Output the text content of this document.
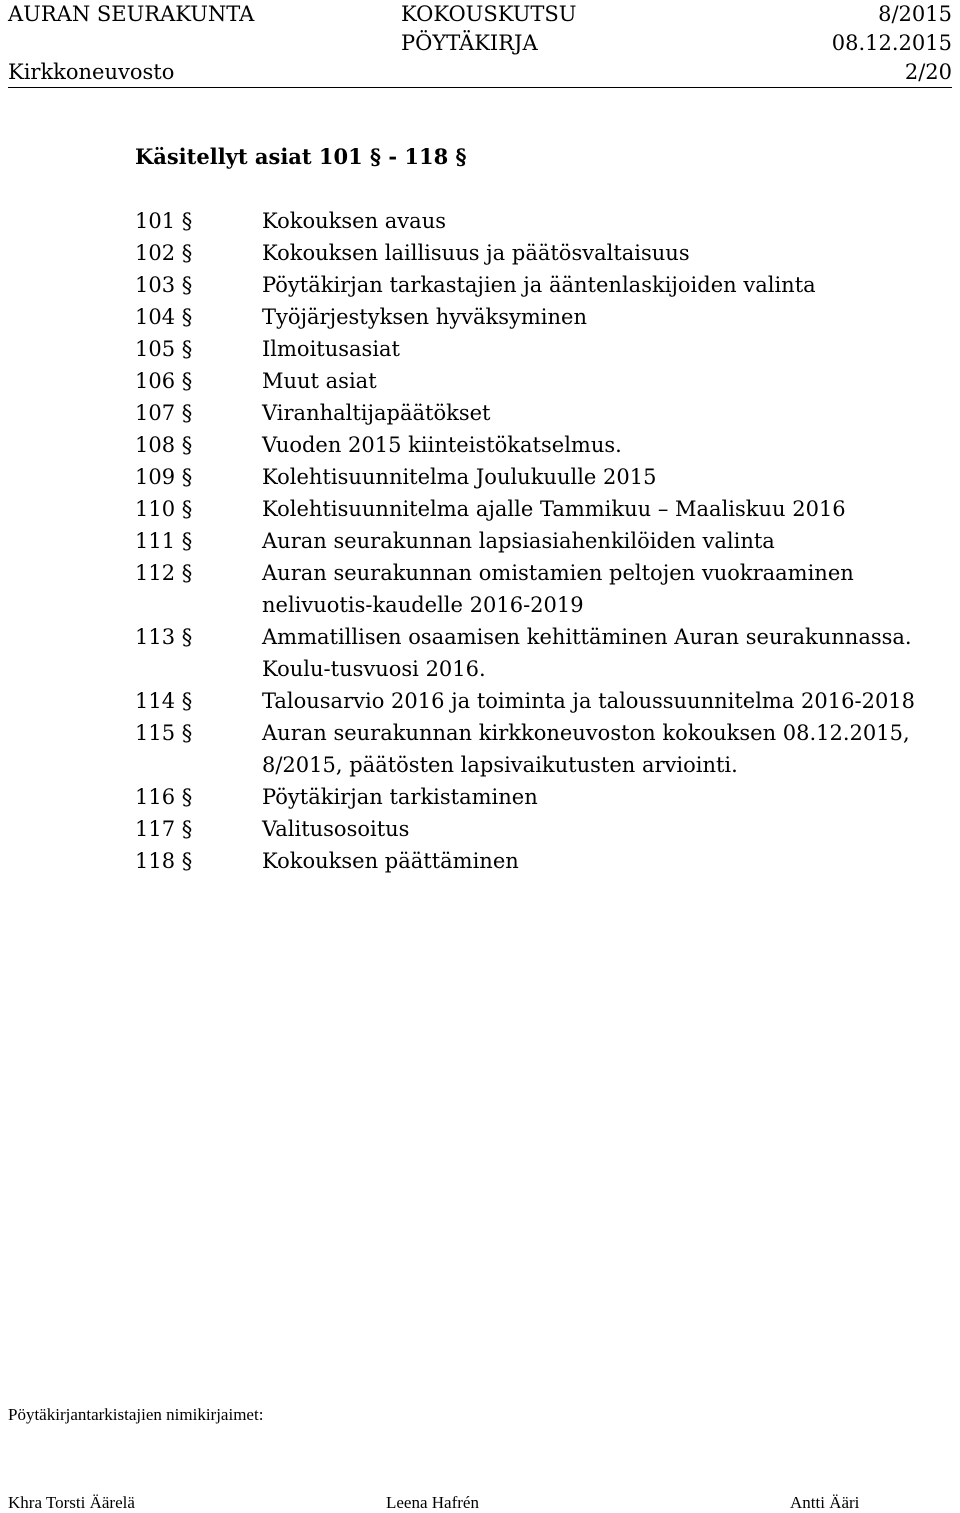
AURAN SEURAKUNTA	KOKOUSKUTSU	8/2015
PÖYTÄKIRJA	08.12.2015
Kirkkoneuvosto	2/20
Käsitellyt asiat 101 § - 118 §
101 §	Kokouksen avaus
102 §	Kokouksen laillisuus ja päätösvaltaisuus
103 §	Pöytäkirjan tarkastajien ja ääntenlaskijoiden valinta
104 §	Työjärjestyksen hyväksyminen
105 §	Ilmoitusasiat
106 §	Muut asiat
107 §	Viranhaltijapäätökset
108 §	Vuoden 2015 kiinteistökatselmus.
109 §	Kolehtisuunnitelma Joulukuulle 2015
110 §	Kolehtisuunnitelma ajalle Tammikuu – Maaliskuu 2016
111 §	Auran seurakunnan lapsiasiahenkilöiden valinta
112 §	Auran seurakunnan omistamien peltojen vuokraaminen nelivuotis-kaudelle 2016-2019
113 §	Ammatillisen osaamisen kehittäminen Auran seurakunnassa. Koulu-tusvuosi 2016.
114 §	Talousarvio 2016 ja toiminta ja taloussuunnitelma 2016-2018
115 §	Auran seurakunnan kirkkoneuvoston kokouksen 08.12.2015, 8/2015, päätösten lapsivaikutusten arviointi.
116 §	Pöytäkirjan tarkistaminen
117 §	Valitusosoitus
118 §	Kokouksen päättäminen
Pöytäkirjantarkistajien nimikirjaimet:
Khra Torsti Äärelä	Leena Hafrén	Antti Ääri
